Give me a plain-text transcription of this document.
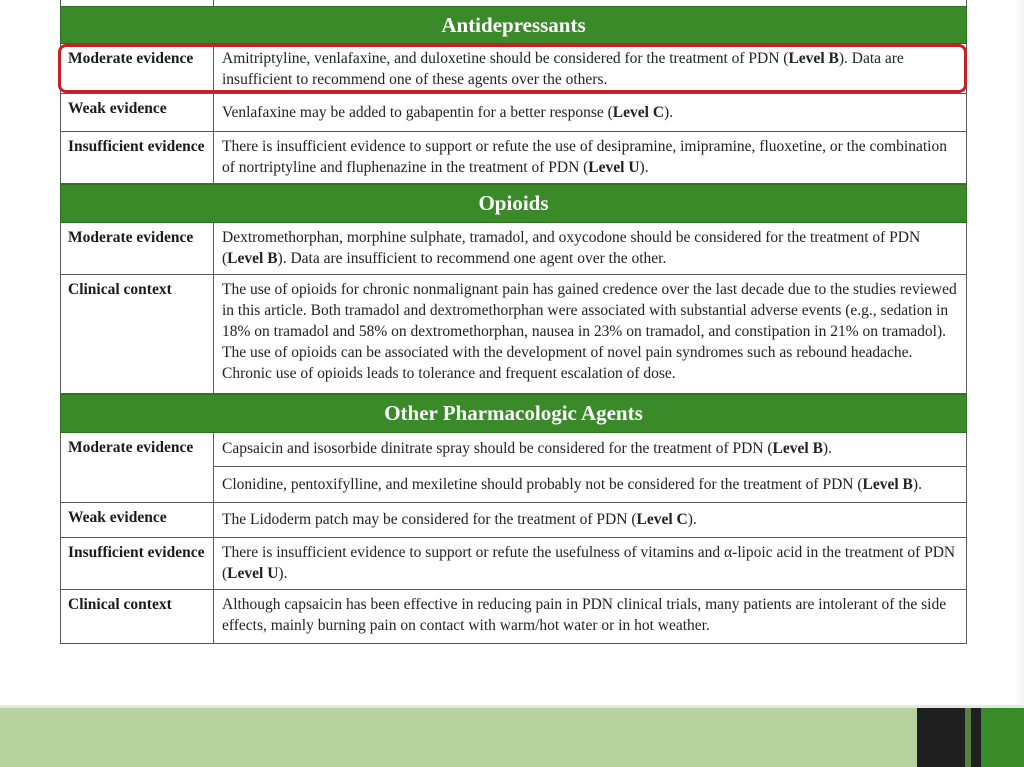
Antidepressants
Moderate evidence	Amitriptyline, venlafaxine, and duloxetine should be considered for the treatment of PDN (Level B). Data are insufficient to recommend one of these agents over the others.
Weak evidence	Venlafaxine may be added to gabapentin for a better response (Level C).
Insufficient evidence	There is insufficient evidence to support or refute the use of desipramine, imipramine, fluoxetine, or the combination of nortriptyline and fluphenazine in the treatment of PDN (Level U).
Opioids
Moderate evidence	Dextromethorphan, morphine sulphate, tramadol, and oxycodone should be considered for the treatment of PDN (Level B). Data are insufficient to recommend one agent over the other.
Clinical context	The use of opioids for chronic nonmalignant pain has gained credence over the last decade due to the studies reviewed in this article. Both tramadol and dextromethorphan were associated with substantial adverse events (e.g., sedation in 18% on tramadol and 58% on dextromethorphan, nausea in 23% on tramadol, and constipation in 21% on tramadol). The use of opioids can be associated with the development of novel pain syndromes such as rebound headache. Chronic use of opioids leads to tolerance and frequent escalation of dose.
Other Pharmacologic Agents
Moderate evidence	Capsaicin and isosorbide dinitrate spray should be considered for the treatment of PDN (Level B).
Clonidine, pentoxifylline, and mexiletine should probably not be considered for the treatment of PDN (Level B).
Weak evidence	The Lidoderm patch may be considered for the treatment of PDN (Level C).
Insufficient evidence	There is insufficient evidence to support or refute the usefulness of vitamins and α-lipoic acid in the treatment of PDN (Level U).
Clinical context	Although capsaicin has been effective in reducing pain in PDN clinical trials, many patients are intolerant of the side effects, mainly burning pain on contact with warm/hot water or in hot weather.
